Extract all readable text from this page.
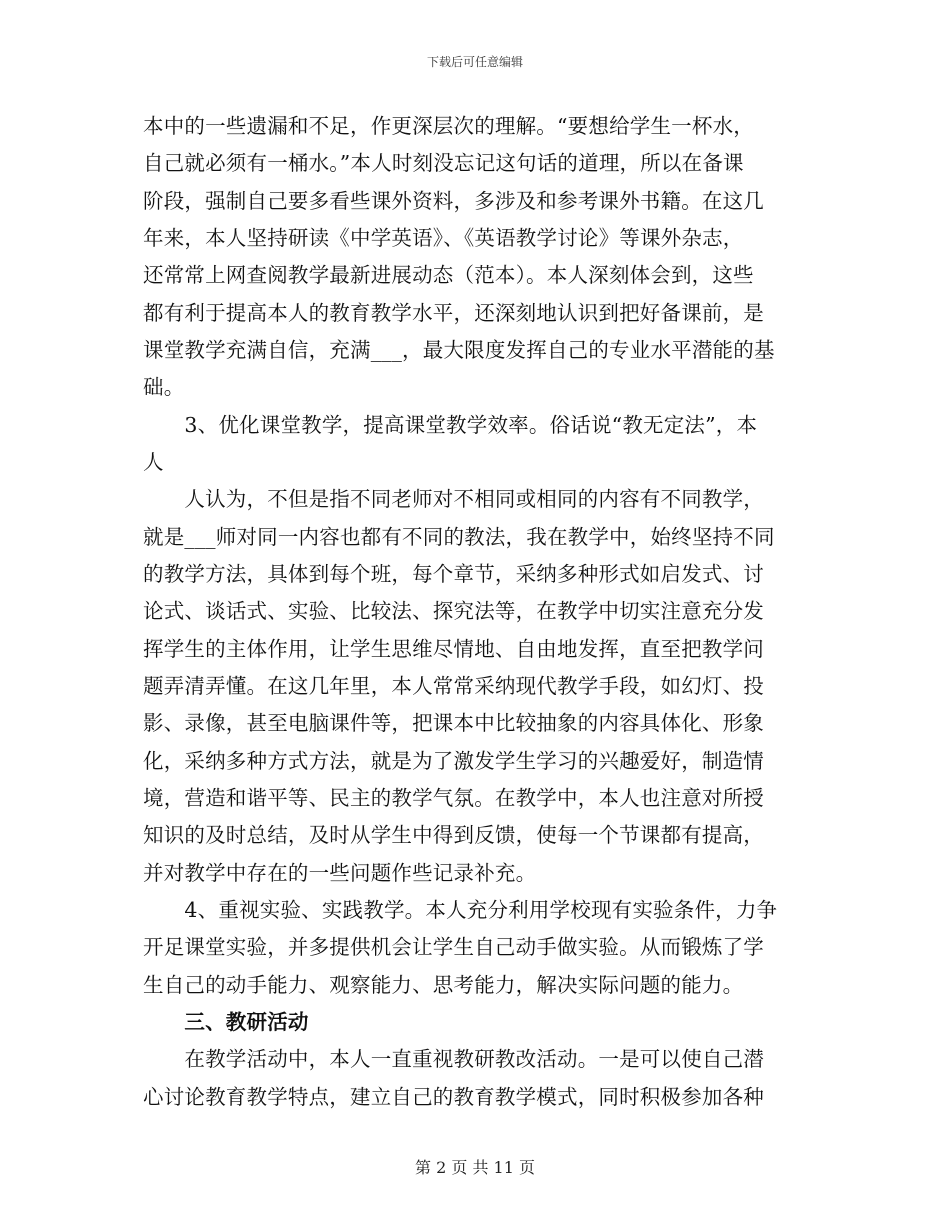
下载后可任意编辑
本中的一些遗漏和不足，作更深层次的理解。“要想给学生一杯水，
自己就必须有一桶水。”本人时刻没忘记这句话的道理，所以在备课
阶段，强制自己要多看些课外资料，多涉及和参考课外书籍。在这几
年来，本人坚持研读《中学英语》、《英语教学讨论》等课外杂志，
还常常上网查阅教学最新进展动态（范本）。本人深刻体会到，这些
都有利于提高本人的教育教学水平，还深刻地认识到把好备课前，是
课堂教学充满自信，充满___，最大限度发挥自己的专业水平潜能的基
础。
　　3、优化课堂教学，提高课堂教学效率。俗话说“教无定法”，本
人
　　人认为，不但是指不同老师对不相同或相同的内容有不同教学，
就是___师对同一内容也都有不同的教法，我在教学中，始终坚持不同
的教学方法，具体到每个班，每个章节，采纳多种形式如启发式、讨
论式、谈话式、实验、比较法、探究法等，在教学中切实注意充分发
挥学生的主体作用，让学生思维尽情地、自由地发挥，直至把教学问
题弄清弄懂。在这几年里，本人常常采纳现代教学手段，如幻灯、投
影、录像，甚至电脑课件等，把课本中比较抽象的内容具体化、形象
化，采纳多种方式方法，就是为了激发学生学习的兴趣爱好，制造情
境，营造和谐平等、民主的教学气氛。在教学中，本人也注意对所授
知识的及时总结，及时从学生中得到反馈，使每一个节课都有提高，
并对教学中存在的一些问题作些记录补充。
　　4、重视实验、实践教学。本人充分利用学校现有实验条件，力争
开足课堂实验，并多提供机会让学生自己动手做实验。从而锻炼了学
生自己的动手能力、观察能力、思考能力，解决实际问题的能力。
　　三、教研活动
　　在教学活动中，本人一直重视教研教改活动。一是可以使自己潜
心讨论教育教学特点，建立自己的教育教学模式，同时积极参加各种
第 2 页 共 11 页
